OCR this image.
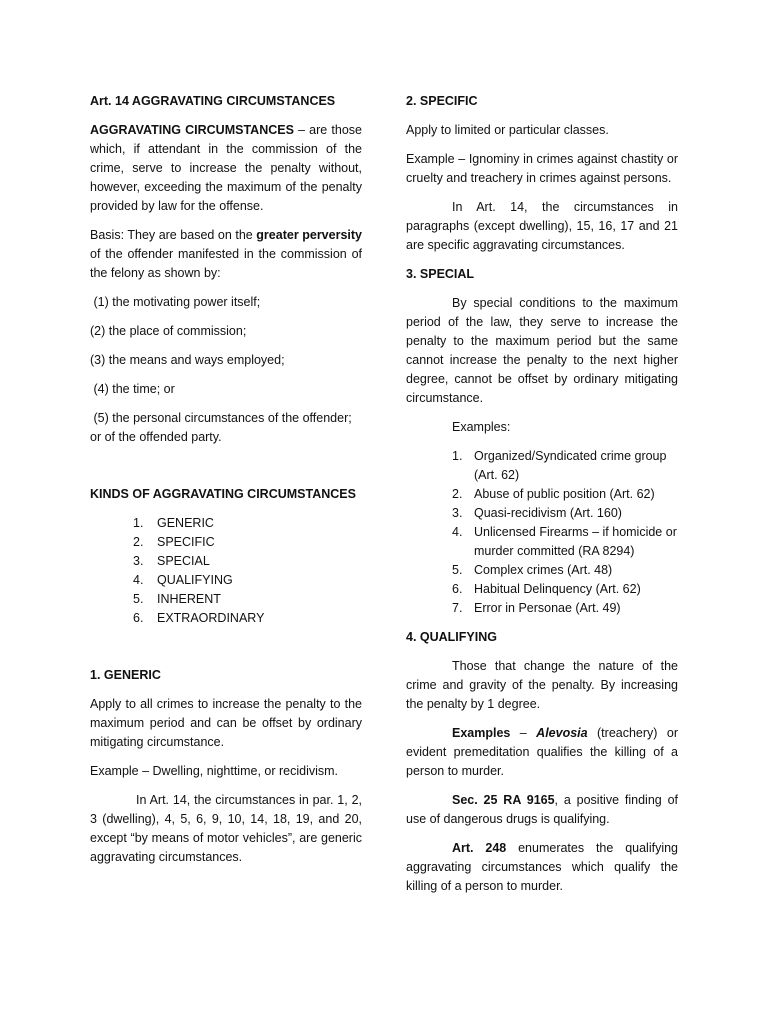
Art. 14 AGGRAVATING CIRCUMSTANCES

AGGRAVATING CIRCUMSTANCES – are those which, if attendant in the commission of the crime, serve to increase the penalty without, however, exceeding the maximum of the penalty provided by law for the offense.

Basis: They are based on the greater perversity of the offender manifested in the commission of the felony as shown by:

(1) the motivating power itself;

(2) the place of commission;

(3) the means and ways employed;

(4) the time; or

(5) the personal circumstances of the offender; or of the offended party.

KINDS OF AGGRAVATING CIRCUMSTANCES

1.	GENERIC
2.	SPECIFIC
3.	SPECIAL
4.	QUALIFYING
5.	INHERENT
6.	EXTRAORDINARY

1. GENERIC

Apply to all crimes to increase the penalty to the maximum period and can be offset by ordinary mitigating circumstance.

Example – Dwelling, nighttime, or recidivism.

In Art. 14, the circumstances in par. 1, 2, 3 (dwelling), 4, 5, 6, 9, 10, 14, 18, 19, and 20, except “by means of motor vehicles”, are generic aggravating circumstances.

2. SPECIFIC

Apply to limited or particular classes.

Example – Ignominy in crimes against chastity or cruelty and treachery in crimes against persons.

In Art. 14, the circumstances in paragraphs (except dwelling), 15, 16, 17 and 21 are specific aggravating circumstances.

3. SPECIAL

By special conditions to the maximum period of the law, they serve to increase the penalty to the maximum period but the same cannot increase the penalty to the next higher degree, cannot be offset by ordinary mitigating circumstance.

Examples:

1. Organized/Syndicated crime group (Art. 62)
2. Abuse of public position (Art. 62)
3. Quasi-recidivism (Art. 160)
4. Unlicensed Firearms – if homicide or murder committed (RA 8294)
5. Complex crimes (Art. 48)
6. Habitual Delinquency (Art. 62)
7. Error in Personae (Art. 49)

4. QUALIFYING

Those that change the nature of the crime and gravity of the penalty. By increasing the penalty by 1 degree.

Examples – Alevosia (treachery) or evident premeditation qualifies the killing of a person to murder.

Sec. 25 RA 9165, a positive finding of use of dangerous drugs is qualifying.

Art. 248 enumerates the qualifying aggravating circumstances which qualify the killing of a person to murder.
